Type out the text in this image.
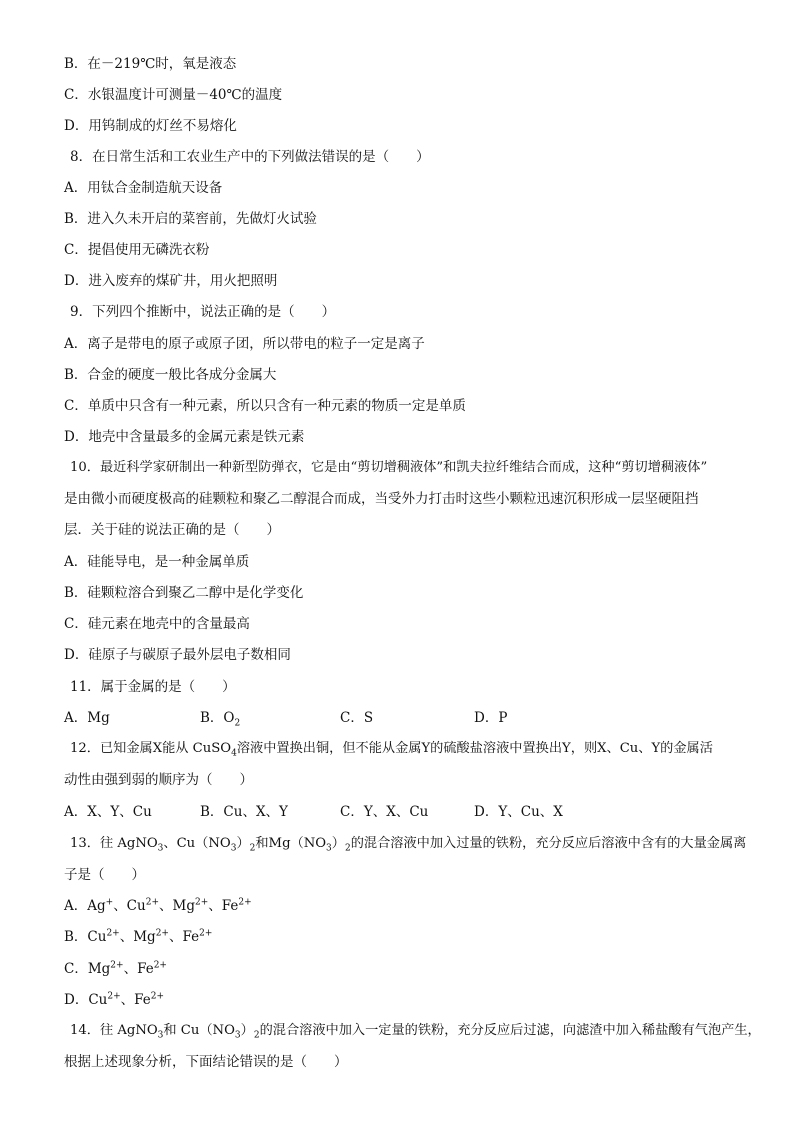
B．在－219℃时，氧是液态
C．水银温度计可测量－40℃的温度
D．用钨制成的灯丝不易熔化
8．在日常生活和工农业生产中的下列做法错误的是（　　）
A．用钛合金制造航天设备
B．进入久未开启的菜窖前，先做灯火试验
C．提倡使用无磷洗衣粉
D．进入废弃的煤矿井，用火把照明
9．下列四个推断中，说法正确的是（　　）
A．离子是带电的原子或原子团，所以带电的粒子一定是离子
B．合金的硬度一般比各成分金属大
C．单质中只含有一种元素，所以只含有一种元素的物质一定是单质
D．地壳中含量最多的金属元素是铁元素
10．最近科学家研制出一种新型防弹衣，它是由“剪切增稠液体”和凯夫拉纤维结合而成，这种“剪切增稠液体”
是由微小而硬度极高的硅颗粒和聚乙二醇混合而成，当受外力打击时这些小颗粒迅速沉积形成一层坚硬阻挡
层．关于硅的说法正确的是（　　）
A．硅能导电，是一种金属单质
B．硅颗粒溶合到聚乙二醇中是化学变化
C．硅元素在地壳中的含量最高
D．硅原子与碳原子最外层电子数相同
11．属于金属的是（　　）
A．Mg	B．$O_2$	C．S	D．P
12．已知金属X能从 CuSO$_4$溶液中置换出铜，但不能从金属Y的硫酸盐溶液中置换出Y，则X、Cu、Y的金属活
动性由强到弱的顺序为（　　）
A．X、Y、Cu	B．Cu、X、Y	C．Y、X、Cu	D．Y、Cu、X
13．往 AgNO$_3$、$Cu(NO_3)_2$和$Mg(NO_3)_2$的混合溶液中加入过量的铁粉，充分反应后溶液中含有的大量金属离
子是（　　）
A．Ag+、$Cu^{2+}$、$Mg^{2+}$、$Fe^{2+}$
B．$Cu^{2+}$、$Mg^{2+}$、$Fe^{2+}$
C．$Mg^{2+}$、$Fe^{2+}$
D．$Cu^{2+}$、$Fe^{2+}$
14．往 AgNO$_3$和 $Cu(NO_3)_2$的混合溶液中加入一定量的铁粉，充分反应后过滤，向滤渣中加入稀盐酸有气泡产生，
根据上述现象分析，下面结论错误的是（　　）
